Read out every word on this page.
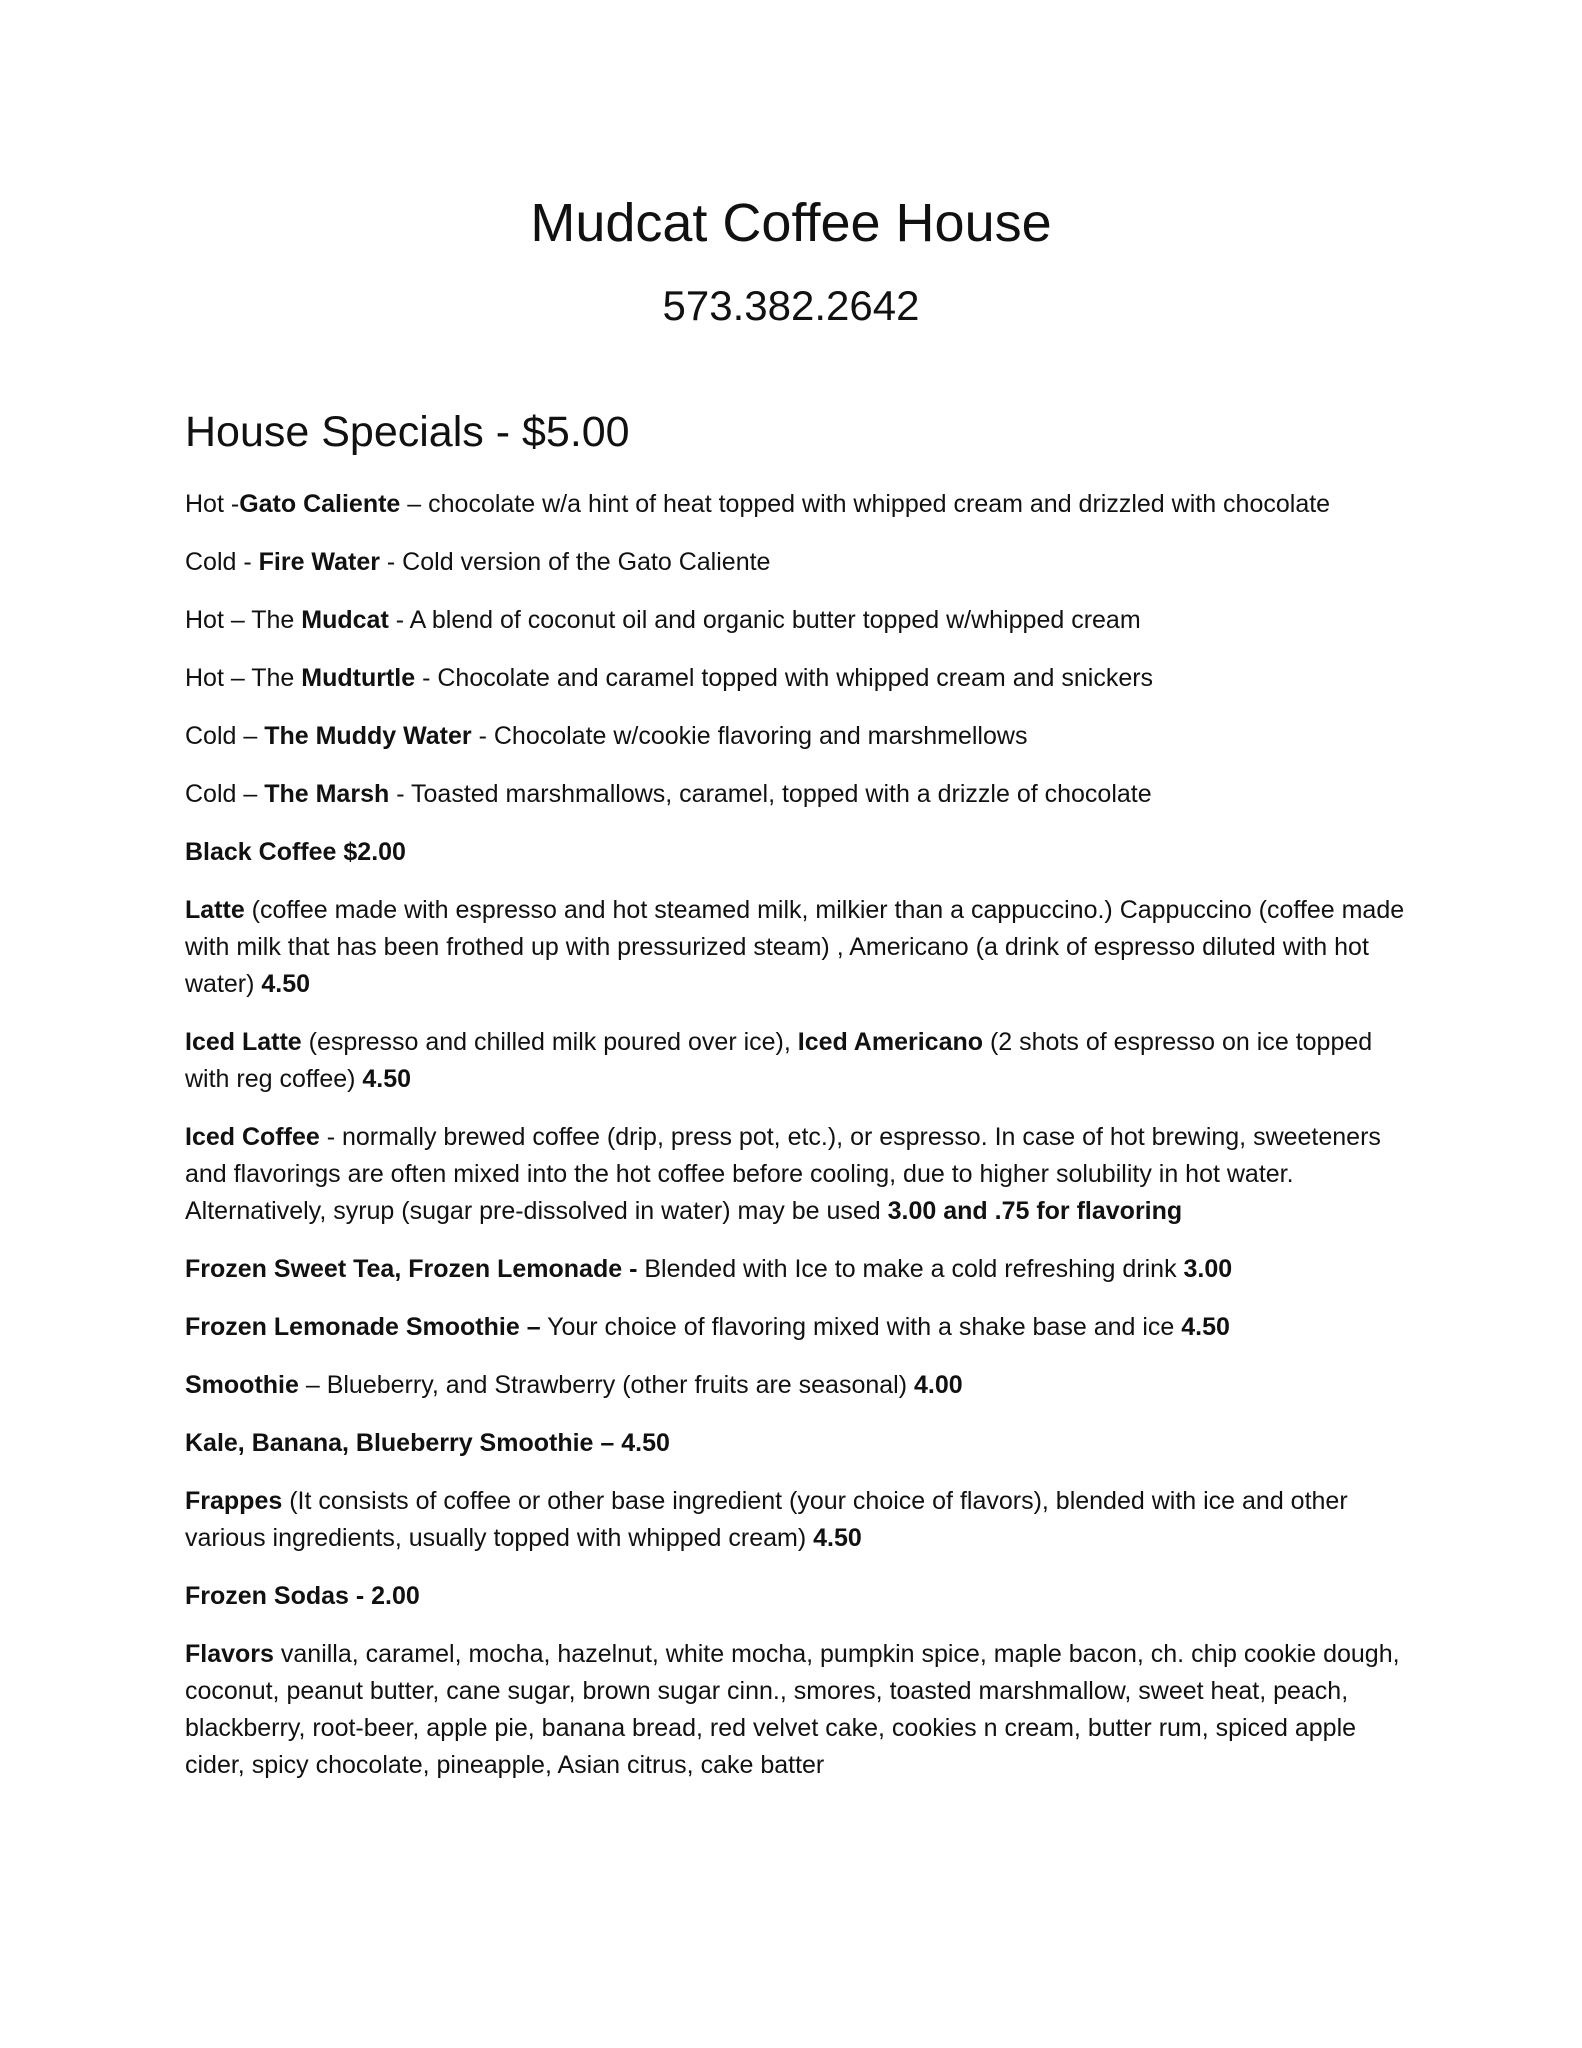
Mudcat Coffee House

573.382.2642

House Specials - $5.00

Hot -Gato Caliente – chocolate w/a hint of heat topped with whipped cream and drizzled with chocolate

Cold - Fire Water - Cold version of the Gato Caliente

Hot – The Mudcat - A blend of coconut oil and organic butter topped w/whipped cream

Hot – The Mudturtle - Chocolate and caramel topped with whipped cream and snickers

Cold – The Muddy Water - Chocolate w/cookie flavoring and marshmellows

Cold – The Marsh - Toasted marshmallows, caramel, topped with a drizzle of chocolate

Black Coffee $2.00

Latte (coffee made with espresso and hot steamed milk, milkier than a cappuccino.) Cappuccino (coffee made with milk that has been frothed up with pressurized steam) , Americano (a drink of espresso diluted with hot water) 4.50

Iced Latte (espresso and chilled milk poured over ice), Iced Americano (2 shots of espresso on ice topped with reg coffee) 4.50

Iced Coffee - normally brewed coffee (drip, press pot, etc.), or espresso. In case of hot brewing, sweeteners and flavorings are often mixed into the hot coffee before cooling, due to higher solubility in hot water. Alternatively, syrup (sugar pre-dissolved in water) may be used 3.00 and .75 for flavoring

Frozen Sweet Tea, Frozen Lemonade - Blended with Ice to make a cold refreshing drink 3.00

Frozen Lemonade Smoothie – Your choice of flavoring mixed with a shake base and ice 4.50

Smoothie – Blueberry, and Strawberry (other fruits are seasonal) 4.00

Kale, Banana, Blueberry Smoothie – 4.50

Frappes (It consists of coffee or other base ingredient (your choice of flavors), blended with ice and other various ingredients, usually topped with whipped cream) 4.50

Frozen Sodas - 2.00

Flavors vanilla, caramel, mocha, hazelnut, white mocha, pumpkin spice, maple bacon, ch. chip cookie dough, coconut, peanut butter, cane sugar, brown sugar cinn., smores, toasted marshmallow, sweet heat, peach, blackberry, root-beer, apple pie, banana bread, red velvet cake, cookies n cream, butter rum, spiced apple cider, spicy chocolate, pineapple, Asian citrus, cake batter
